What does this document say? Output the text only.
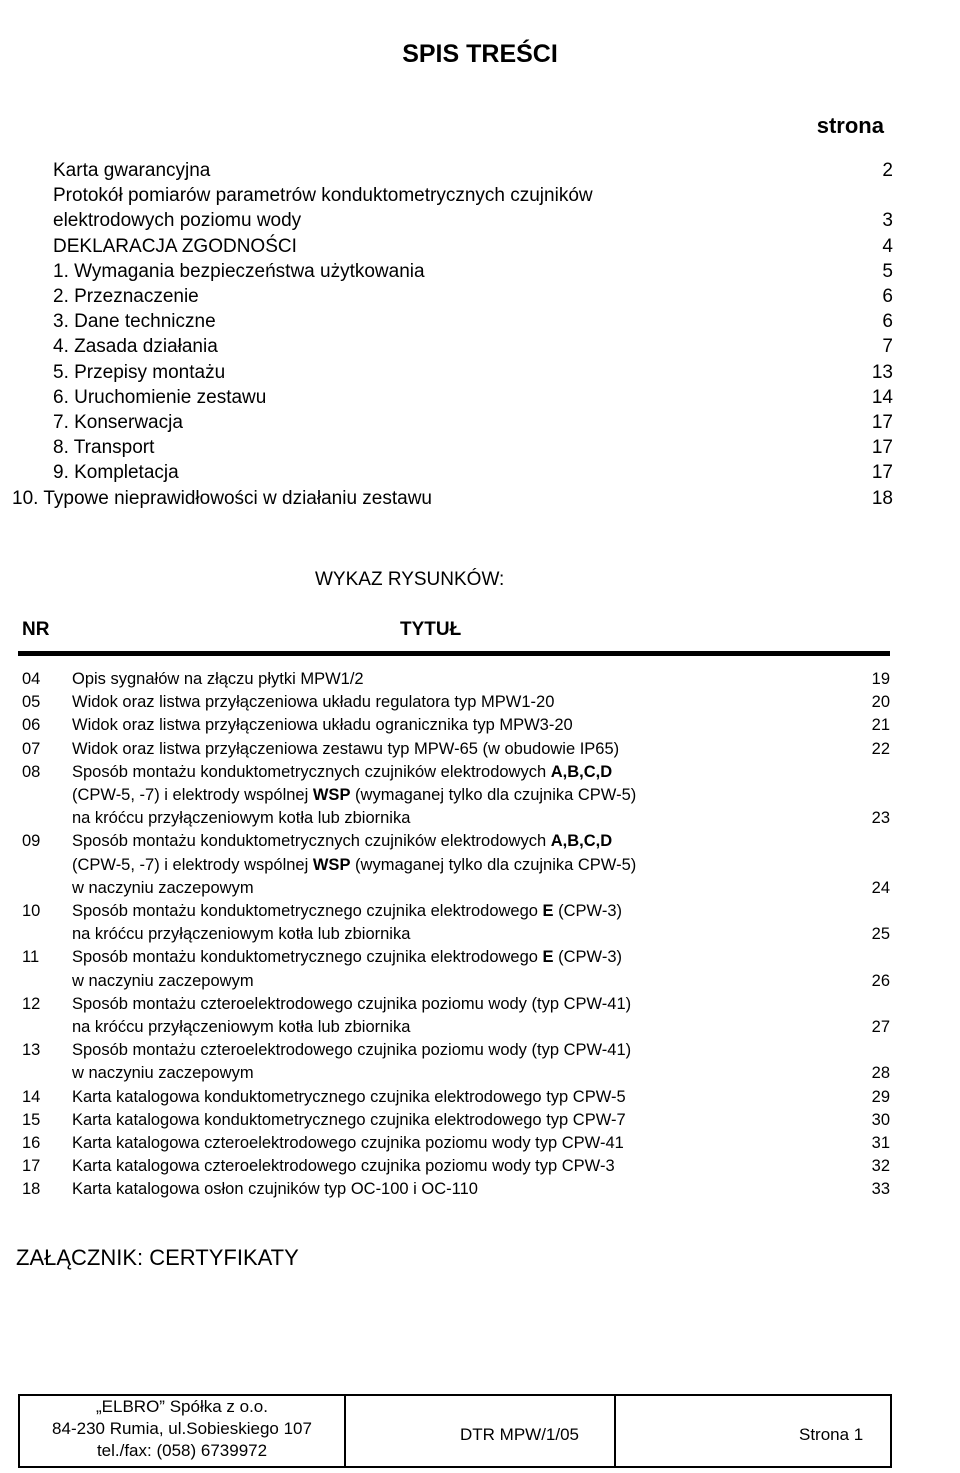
SPIS TREŚCI
strona
Karta gwarancyjna	2
Protokół pomiarów parametrów konduktometrycznych czujników
elektrodowych poziomu wody	3
DEKLARACJA ZGODNOŚCI	4
1. Wymagania bezpieczeństwa użytkowania	5
2. Przeznaczenie	6
3. Dane techniczne	6
4. Zasada działania	7
5. Przepisy montażu	13
6. Uruchomienie zestawu	14
7. Konserwacja	17
8. Transport	17
9. Kompletacja	17
10. Typowe nieprawidłowości w działaniu zestawu	18
WYKAZ RYSUNKÓW:
NR	TYTUŁ
04 Opis sygnałów na złączu płytki MPW1/2	19
05 Widok oraz listwa przyłączeniowa układu regulatora typ MPW1-20	20
06 Widok oraz listwa przyłączeniowa układu ogranicznika typ MPW3-20	21
07 Widok oraz listwa przyłączeniowa zestawu typ MPW-65 (w obudowie IP65)	22
08 Sposób montażu konduktometrycznych czujników elektrodowych A,B,C,D
(CPW-5, -7) i elektrody wspólnej WSP (wymaganej tylko dla czujnika CPW-5)
na króćcu przyłączeniowym kotła lub zbiornika	23
09 Sposób montażu konduktometrycznych czujników elektrodowych A,B,C,D
(CPW-5, -7) i elektrody wspólnej WSP (wymaganej tylko dla czujnika CPW-5)
w naczyniu zaczepowym	24
10 Sposób montażu konduktometrycznego czujnika elektrodowego E (CPW-3)
na króćcu przyłączeniowym kotła lub zbiornika	25
11 Sposób montażu konduktometrycznego czujnika elektrodowego E (CPW-3)
w naczyniu zaczepowym	26
12 Sposób montażu czteroelektrodowego czujnika poziomu wody (typ CPW-41)
na króćcu przyłączeniowym kotła lub zbiornika	27
13 Sposób montażu czteroelektrodowego czujnika poziomu wody (typ CPW-41)
w naczyniu zaczepowym	28
14 Karta katalogowa konduktometrycznego czujnika elektrodowego typ CPW-5	29
15 Karta katalogowa konduktometrycznego czujnika elektrodowego typ CPW-7	30
16 Karta katalogowa czteroelektrodowego czujnika poziomu wody typ CPW-41	31
17 Karta katalogowa czteroelektrodowego czujnika poziomu wody typ CPW-3	32
18 Karta katalogowa osłon czujników typ OC-100 i OC-110	33
ZAŁĄCZNIK: CERTYFIKATY
„ELBRO” Spółka z o.o.
84-230 Rumia, ul.Sobieskiego 107
tel./fax: (058) 6739972
DTR MPW/1/05	Strona 1
